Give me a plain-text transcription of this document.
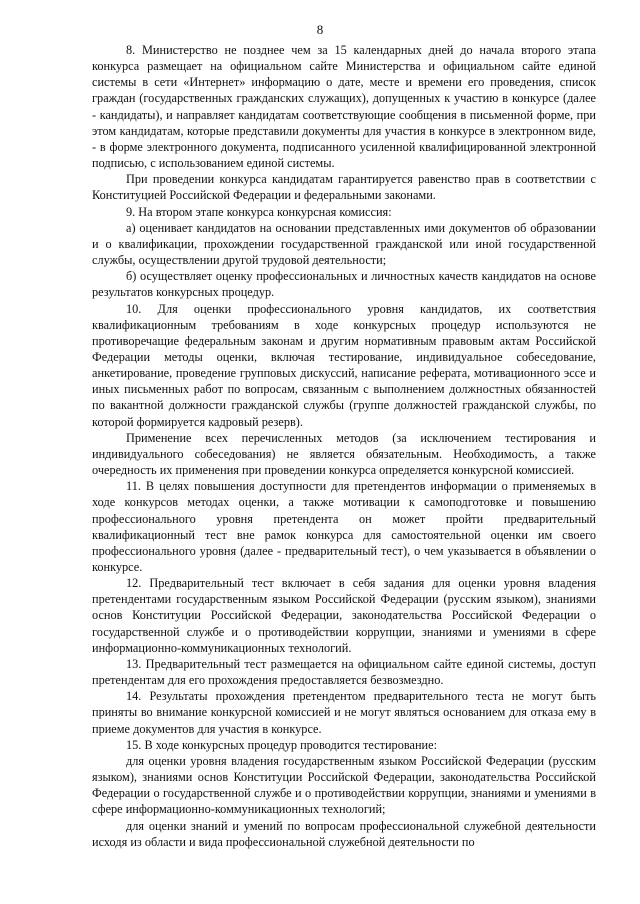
8

8. Министерство не позднее чем за 15 календарных дней до начала второго этапа конкурса размещает на официальном сайте Министерства и официальном сайте единой системы в сети «Интернет» информацию о дате, месте и времени его проведения, список граждан (государственных гражданских служащих), допущенных к участию в конкурсе (далее - кандидаты), и направляет кандидатам соответствующие сообщения в письменной форме, при этом кандидатам, которые представили документы для участия в конкурсе в электронном виде, - в форме электронного документа, подписанного усиленной квалифицированной электронной подписью, с использованием единой системы.

При проведении конкурса кандидатам гарантируется равенство прав в соответствии с Конституцией Российской Федерации и федеральными законами.

9. На втором этапе конкурса конкурсная комиссия:

а) оценивает кандидатов на основании представленных ими документов об образовании и о квалификации, прохождении государственной гражданской или иной государственной службы, осуществлении другой трудовой деятельности;

б) осуществляет оценку профессиональных и личностных качеств кандидатов на основе результатов конкурсных процедур.

10. Для оценки профессионального уровня кандидатов, их соответствия квалификационным требованиям в ходе конкурсных процедур используются не противоречащие федеральным законам и другим нормативным правовым актам Российской Федерации методы оценки, включая тестирование, индивидуальное собеседование, анкетирование, проведение групповых дискуссий, написание реферата, мотивационного эссе и иных письменных работ по вопросам, связанным с выполнением должностных обязанностей по вакантной должности гражданской службы (группе должностей гражданской службы, по которой формируется кадровый резерв).

Применение всех перечисленных методов (за исключением тестирования и индивидуального собеседования) не является обязательным. Необходимость, а также очередность их применения при проведении конкурса определяется конкурсной комиссией.

11. В целях повышения доступности для претендентов информации о применяемых в ходе конкурсов методах оценки, а также мотивации к самоподготовке и повышению профессионального уровня претендента он может пройти предварительный квалификационный тест вне рамок конкурса для самостоятельной оценки им своего профессионального уровня (далее - предварительный тест), о чем указывается в объявлении о конкурсе.

12. Предварительный тест включает в себя задания для оценки уровня владения претендентами государственным языком Российской Федерации (русским языком), знаниями основ Конституции Российской Федерации, законодательства Российской Федерации о государственной службе и о противодействии коррупции, знаниями и умениями в сфере информационно-коммуникационных технологий.

13. Предварительный тест размещается на официальном сайте единой системы, доступ претендентам для его прохождения предоставляется безвозмездно.

14. Результаты прохождения претендентом предварительного теста не могут быть приняты во внимание конкурсной комиссией и не могут являться основанием для отказа ему в приеме документов для участия в конкурсе.

15. В ходе конкурсных процедур проводится тестирование:

для оценки уровня владения государственным языком Российской Федерации (русским языком), знаниями основ Конституции Российской Федерации, законодательства Российской Федерации о государственной службе и о противодействии коррупции, знаниями и умениями в сфере информационно-коммуникационных технологий;

для оценки знаний и умений по вопросам профессиональной служебной деятельности исходя из области и вида профессиональной служебной деятельности по
